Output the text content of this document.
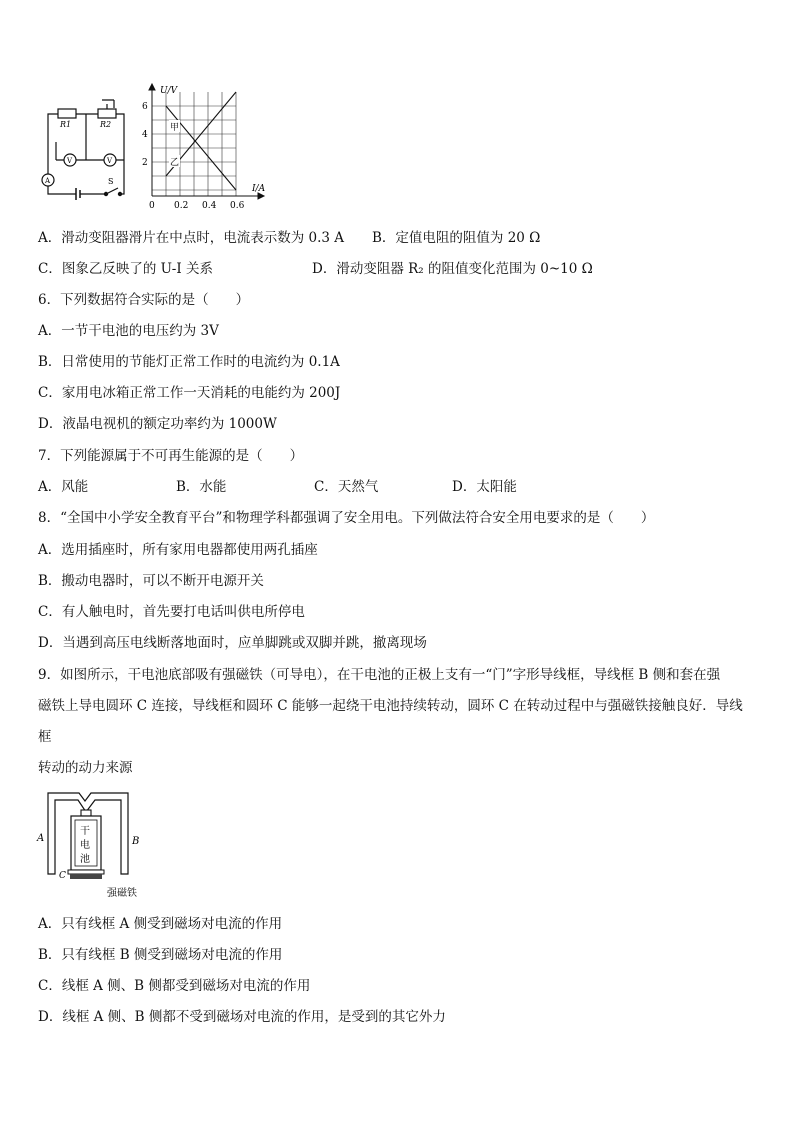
R1	R2
V	V
A	S
U/V
I/A
6
4
2
0 0.2 0.4 0.6
甲
乙
A．滑动变阻器滑片在中点时，电流表示数为 0.3 A B．定值电阻的阻值为 20 Ω
C．图象乙反映了的 U-I 关系	D．滑动变阻器 R₂ 的阻值变化范围为 0~10 Ω
6．下列数据符合实际的是（　　）
A．一节干电池的电压约为 3V
B．日常使用的节能灯正常工作时的电流约为 0.1A
C．家用电冰箱正常工作一天消耗的电能约为 200J
D．液晶电视机的额定功率约为 1000W
7．下列能源属于不可再生能源的是（　　）
A．风能	B．水能	C．天然气	D．太阳能
8．“全国中小学安全教育平台”和物理学科都强调了安全用电。下列做法符合安全用电要求的是（　　）
A．选用插座时，所有家用电器都使用两孔插座
B．搬动电器时，可以不断开电源开关
C．有人触电时，首先要打电话叫供电所停电
D．当遇到高压电线断落地面时，应单脚跳或双脚并跳，撤离现场
9．如图所示，干电池底部吸有强磁铁（可导电），在干电池的正极上支有一“门”字形导线框，导线框 B 侧和套在强
磁铁上导电圆环 C 连接，导线框和圆环 C 能够一起绕干电池持续转动，圆环 C 在转动过程中与强磁铁接触良好．导线
框
转动的动力来源
干
电
池
A	B
C
强磁铁
A．只有线框 A 侧受到磁场对电流的作用
B．只有线框 B 侧受到磁场对电流的作用
C．线框 A 侧、B 侧都受到磁场对电流的作用
D．线框 A 侧、B 侧都不受到磁场对电流的作用，是受到的其它外力
